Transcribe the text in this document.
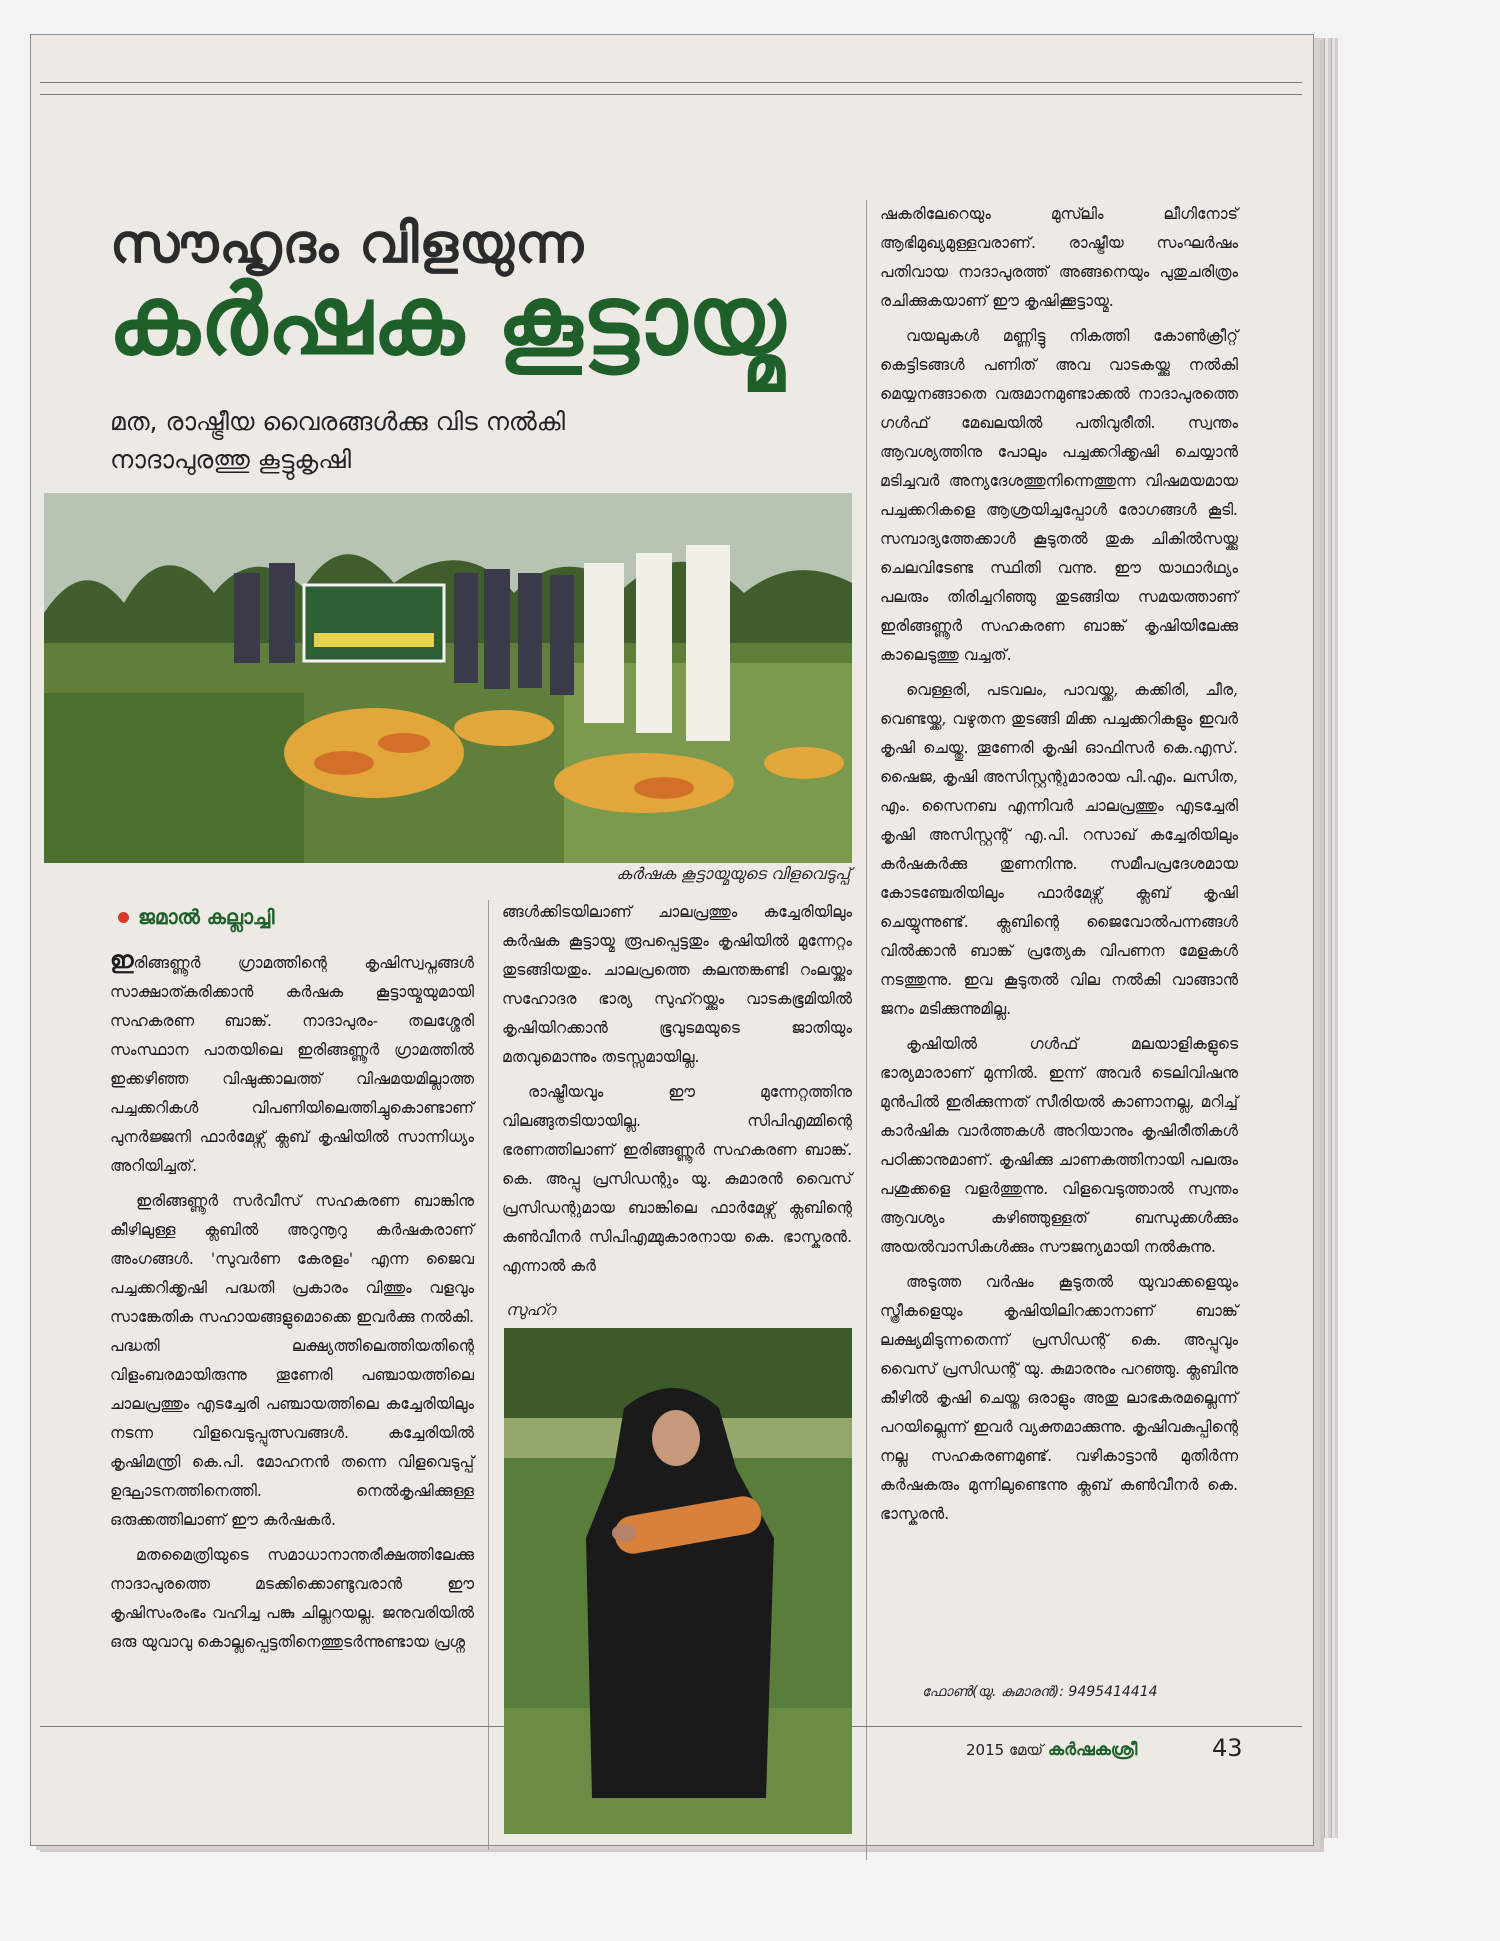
സൗഹൃദം വിളയുന്ന
കർഷക കൂട്ടായ്മ
മത, രാഷ്ട്രീയ വൈരങ്ങൾക്കു വിട നൽകി നാദാപുരത്തു കൂട്ടുകൃഷി
കർഷക കൂട്ടായ്മയുടെ വിളവെടുപ്പ്
ജമാൽ കല്ലാച്ചി

ഇരിങ്ങണ്ണൂർ ഗ്രാമത്തിന്റെ കൃഷിസ്വപ്നങ്ങൾ സാക്ഷാത്കരിക്കാൻ കർഷക കൂട്ടായ്മയുമായി സഹകരണ ബാങ്ക്. നാദാപുരം- തലശ്ശേരി സംസ്ഥാന പാതയിലെ ഇരിങ്ങണ്ണൂർ ഗ്രാമത്തിൽ ഇക്കഴിഞ്ഞ വിഷുക്കാലത്ത് വിഷമയമില്ലാത്ത പച്ചക്കറികൾ വിപണിയിലെത്തിച്ചുകൊണ്ടാണ് പുനർജ്ജനി ഫാർമേഴ്സ് ക്ലബ് കൃഷിയിൽ സാന്നിധ്യം അറിയിച്ചത്.

ഇരിങ്ങണ്ണൂർ സർവീസ് സഹകരണ ബാങ്കിനു കീഴിലുള്ള ക്ലബിൽ അറുനൂറു കർഷകരാണ് അംഗങ്ങൾ. 'സുവർണ കേരളം' എന്ന ജൈവ പച്ചക്കറിക്കൃഷി പദ്ധതി പ്രകാരം വിത്തും വളവും സാങ്കേതിക സഹായങ്ങളുമൊക്കെ ഇവർക്കു നൽകി. പദ്ധതി ലക്ഷ്യത്തിലെത്തിയതിന്റെ വിളംബരമായിരുന്നു തൂണേരി പഞ്ചായത്തിലെ ചാലപ്രത്തും എടച്ചേരി പഞ്ചായത്തിലെ കച്ചേരിയിലും നടന്ന വിളവെടുപ്പുത്സവങ്ങൾ. കച്ചേരിയിൽ കൃഷിമന്ത്രി കെ.പി. മോഹനൻ തന്നെ വിളവെടുപ്പ് ഉദ്ഘാടനത്തിനെത്തി. നെൽകൃഷിക്കുള്ള ഒരുക്കത്തിലാണ് ഈ കർഷകർ.

മതമൈത്രിയുടെ സമാധാനാന്തരീക്ഷത്തിലേക്കു നാദാപുരത്തെ മടക്കിക്കൊണ്ടുവരാൻ ഈ കൃഷിസംരംഭം വഹിച്ച പങ്കു ചില്ലറയല്ല. ജനുവരിയിൽ ഒരു യുവാവു കൊല്ലപ്പെട്ടതിനെത്തുടർന്നുണ്ടായ പ്രശ്ന

ങ്ങൾക്കിടയിലാണ് ചാലപ്രത്തും കച്ചേരിയിലും കർഷക കൂട്ടായ്മ രൂപപ്പെട്ടതും കൃഷിയിൽ മുന്നേറ്റം തുടങ്ങിയതും. ചാലപ്രത്തെ കലന്തങ്കണ്ടി റംലയ്ക്കും സഹോദര ഭാര്യ സുഹ്റയ്ക്കും വാടകഭൂമിയിൽ കൃഷിയിറക്കാൻ ഭൂവുടമയുടെ ജാതിയും മതവുമൊന്നും തടസ്സമായില്ല.

രാഷ്ട്രീയവും ഈ മുന്നേറ്റത്തിനു വിലങ്ങുതടിയായില്ല. സിപിഎമ്മിന്റെ ഭരണത്തിലാണ് ഇരിങ്ങണ്ണൂർ സഹകരണ ബാങ്ക്. കെ. അപ്പു പ്രസിഡന്റും യു. കുമാരൻ വൈസ് പ്രസിഡന്റുമായ ബാങ്കിലെ ഫാർമേഴ്സ് ക്ലബിന്റെ കൺവീനർ സിപിഎമ്മുകാരനായ കെ. ഭാസ്കരൻ. എന്നാൽ കർ

സുഹ്റ

ഷകരിലേറെയും മുസ്‍ലിം ലീഗിനോട് ആഭിമുഖ്യമുള്ളവരാണ്. രാഷ്ട്രീയ സംഘർഷം പതിവായ നാദാപുരത്ത് അങ്ങനെയും പുതുചരിത്രം രചിക്കുകയാണ് ഈ കൃഷിക്കൂട്ടായ്മ.

വയലുകൾ മണ്ണിട്ടു നികത്തി കോൺക്രീറ്റ് കെട്ടിടങ്ങൾ പണിത് അവ വാടകയ്ക്കു നൽകി മെയ്യനങ്ങാതെ വരുമാനമുണ്ടാക്കൽ നാദാപുരത്തെ ഗൾഫ് മേഖലയിൽ പതിവുരീതി. സ്വന്തം ആവശ്യത്തിനു പോലും പച്ചക്കറിക്കൃഷി ചെയ്യാൻ മടിച്ചവർ അന്യദേശത്തുനിന്നെത്തുന്ന വിഷമയമായ പച്ചക്കറികളെ ആശ്രയിച്ചപ്പോൾ രോഗങ്ങൾ കൂടി. സമ്പാദ്യത്തേക്കാൾ കൂടുതൽ തുക ചികിൽസയ്ക്കു ചെലവിടേണ്ട സ്ഥിതി വന്നു. ഈ യാഥാർഥ്യം പലരും തിരിച്ചറിഞ്ഞു തുടങ്ങിയ സമയത്താണ് ഇരിങ്ങണ്ണൂർ സഹകരണ ബാങ്ക് കൃഷിയിലേക്കു കാലെടുത്തു വച്ചത്.

വെള്ളരി, പടവലം, പാവയ്ക്ക, കക്കിരി, ചീര, വെണ്ടയ്ക്ക, വഴുതന തുടങ്ങി മിക്ക പച്ചക്കറികളും ഇവർ കൃഷി ചെയ്തു. തൂണേരി കൃഷി ഓഫിസർ കെ.എസ്. ഷൈജ, കൃഷി അസിസ്റ്റന്റുമാരായ പി.എം. ലസിത, എം. സൈനബ എന്നിവർ ചാലപ്രത്തും എടച്ചേരി കൃഷി അസിസ്റ്റന്റ് എ.പി. റസാഖ് കച്ചേരിയിലും കർഷകർക്കു തുണനിന്നു. സമീപപ്രദേശമായ കോടഞ്ചേരിയിലും ഫാർമേഴ്സ് ക്ലബ് കൃഷി ചെയ്യുന്നുണ്ട്. ക്ലബിന്റെ ജൈവോൽപന്നങ്ങൾ വിൽക്കാൻ ബാങ്ക് പ്രത്യേക വിപണന മേളകൾ നടത്തുന്നു. ഇവ കൂടുതൽ വില നൽകി വാങ്ങാൻ ജനം മടിക്കുന്നുമില്ല.

കൃഷിയിൽ ഗൾഫ് മലയാളികളുടെ ഭാര്യമാരാണ് മുന്നിൽ. ഇന്ന് അവർ ടെലിവിഷനു മുൻപിൽ ഇരിക്കുന്നത് സീരിയൽ കാണാനല്ല, മറിച്ച് കാർഷിക വാർത്തകൾ അറിയാനും കൃഷിരീതികൾ പഠിക്കാനുമാണ്. കൃഷിക്കു ചാണകത്തിനായി പലരും പശുക്കളെ വളർത്തുന്നു. വിളവെടുത്താൽ സ്വന്തം ആവശ്യം കഴിഞ്ഞുള്ളത് ബന്ധുക്കൾക്കും അയൽവാസികൾക്കും സൗജന്യമായി നൽകുന്നു.

അടുത്ത വർഷം കൂടുതൽ യുവാക്കളെയും സ്ത്രീകളെയും കൃഷിയിലിറക്കാനാണ് ബാങ്ക് ലക്ഷ്യമിടുന്നതെന്ന് പ്രസിഡന്റ് കെ. അപ്പുവും വൈസ് പ്രസിഡന്റ് യു. കുമാരനും പറഞ്ഞു. ക്ലബിനു കീഴിൽ കൃഷി ചെയ്ത ഒരാളും അതു ലാഭകരമല്ലെന്ന് പറയില്ലെന്ന് ഇവർ വ്യക്തമാക്കുന്നു. കൃഷിവകുപ്പിന്റെ നല്ല സഹകരണമുണ്ട്. വഴികാട്ടാൻ മുതിർന്ന കർഷകരും മുന്നിലുണ്ടെന്നു ക്ലബ് കൺവീനർ കെ. ഭാസ്കരൻ.

ഫോൺ(യു. കുമാരൻ): 9495414414
2015 മേയ് കർഷകശ്രീ	43
